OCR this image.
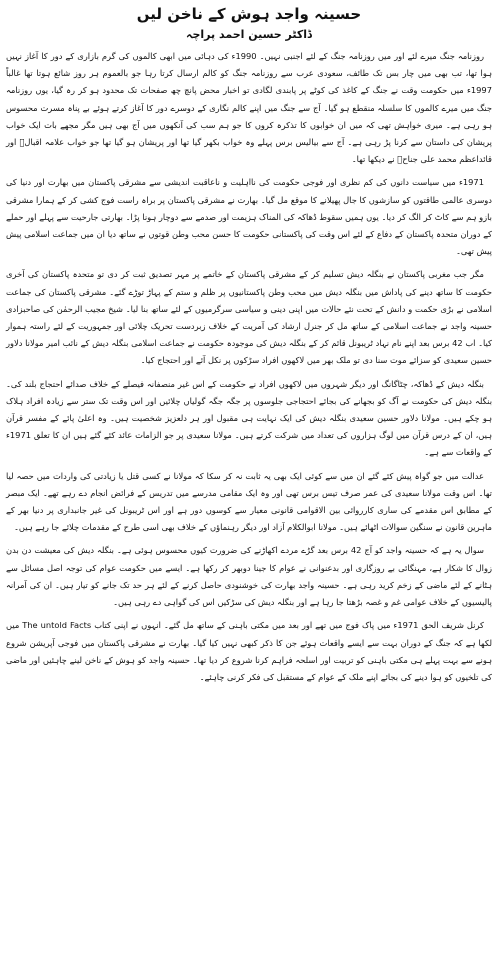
حسینہ واجد ہوش کے ناخن لیں
ڈاکٹر حسین احمد پراچہ

روزنامہ جنگ میرے لئے اور میں روزنامہ جنگ کے لئے اجنبی نہیں۔ 1990ء کی دہائی میں ابھی کالموں کی گرم بازاری کے دور کا آغاز نہیں ہوا تھا، تب بھی میں چار بس تک طائف، سعودی عرب سے روزنامہ جنگ کو کالم ارسال کرتا رہا جو بالعموم ہر روز شائع ہوتا تھا غالباً 1997ء میں حکومت وقت نے جنگ کے کاغذ کی کوٹے پر پابندی لگادی تو اخبار محض پانچ چھ صفحات تک محدود ہو کر رہ گیا، یوں روزنامہ جنگ میں میرے کالموں کا سلسلہ منقطع ہو گیا۔ آج سے جنگ میں اپنے کالم نگاری کے دوسرے دور کا آغاز کرتے ہوئے بے پناہ مسرت محسوس ہو رہی ہے۔ میری خواہش تھی کہ میں ان خوابوں کا تذکرہ کروں کا جو ہم سب کی آنکھوں میں آج بھی ہیں مگر مجھے بات ایک خواب پریشان کی داستان سے کرنا پڑ رہی ہے۔ آج سے بیالیس برس پہلے وہ خواب بکھر گیا تھا اور پریشان ہو گیا تھا جو خواب علامہ اقبالؒ اور قائداعظم محمد علی جناحؒ نے دیکھا تھا۔

1971ء میں سیاست دانوں کی کم نظری اور فوجی حکومت کی نااہلیت و ناعاقبت اندیشی سے مشرقی پاکستان میں بھارت اور دنیا کی دوسری عالمی طاقتوں کو سازشوں کا جال پھیلانے کا موقع مل گیا۔ بھارت نے مشرقی پاکستان پر براہ راست فوج کشی کر کے ہمارا مشرقی بازو ہم سے کاٹ کر الگ کر دیا۔ یوں ہمیں سقوط ڈھاکہ کی المناک ہزیمت اور صدمے سے دوچار ہونا پڑا۔ بھارتی جارحیت سے پہلے اور حملے کے دوران متحدہ پاکستان کے دفاع کے لئے اس وقت کی پاکستانی حکومت کا حسن محب وطن قوتوں نے ساتھ دیا ان میں جماعت اسلامی پیش پیش تھی۔

مگر جب مغربی پاکستان نے بنگلہ دیش تسلیم کر کے مشرقی پاکستان کے خاتمے پر مہر تصدیق ثبت کر دی تو متحدہ پاکستان کی آخری حکومت کا ساتھ دینے کی پاداش میں بنگلہ دیش میں محب وطن پاکستانیوں پر ظلم و ستم کے پہاڑ توڑے گئے۔ مشرقی پاکستان کی جماعت اسلامی نے بڑی حکمت و دانش کے تحت نئے حالات میں اپنی دینی و سیاسی سرگرمیوں کے لئے ساتھ بنا لیا۔ شیخ مجیب الرحمٰن کی صاحبزادی حسینہ واجد نے جماعت اسلامی کے ساتھ مل کر جنرل ارشاد کی آمریت کے خلاف زبردست تحریک چلائی اور جمہوریت کے لئے راستہ ہموار کیا۔ اب 42 برس بعد اپنے نام نہاد ٹریبونل قائم کر کے بنگلہ دیش کی موجودہ حکومت نے جماعت اسلامی بنگلہ دیش کے نائب امیر مولانا دلاور حسین سعیدی کو سزائے موت سنا دی تو ملک بھر میں لاکھوں افراد سڑکوں پر نکل آئے اور احتجاج کیا۔

بنگلہ دیش کے ڈھاکہ، چٹاگانگ اور دیگر شہروں میں لاکھوں افراد نے حکومت کے اس غیر منصفانہ فیصلے کے خلاف صدائے احتجاج بلند کی۔ بنگلہ دیش کی حکومت نے آگ کو بجھانے کی بجائے احتجاجی جلوسوں پر جگہ جگہ گولیاں چلائیں اور اس وقت تک ستر سے زیادہ افراد ہلاک ہو چکے ہیں۔ مولانا دلاور حسین سعیدی بنگلہ دیش کی ایک نہایت ہی مقبول اور ہر دلعزیز شخصیت ہیں۔ وہ اعلیٰ پائے کے مفسر قرآن ہیں، ان کے درس قرآن میں لوگ ہزاروں کی تعداد میں شرکت کرتے ہیں۔ مولانا سعیدی پر جو الزامات عائد کئے گئے ہیں ان کا تعلق 1971ء کے واقعات سے ہے۔

عدالت میں جو گواہ پیش کئے گئے ان میں سے کوئی ایک بھی یہ ثابت نہ کر سکا کہ مولانا نے کسی قتل یا زیادتی کی واردات میں حصہ لیا تھا۔ اس وقت مولانا سعیدی کی عمر صرف تیس برس تھی اور وہ ایک مقامی مدرسے میں تدریس کے فرائض انجام دے رہے تھے۔ ایک مبصر کے مطابق اس مقدمے کی ساری کارروائی بین الاقوامی قانونی معیار سے کوسوں دور ہے اور اس ٹریبونل کی غیر جانبداری پر دنیا بھر کے ماہرین قانون نے سنگین سوالات اٹھائے ہیں۔ مولانا ابوالکلام آزاد اور دیگر رہنماؤں کے خلاف بھی اسی طرح کے مقدمات چلائے جا رہے ہیں۔

سوال یہ ہے کہ حسینہ واجد کو آج 42 برس بعد گڑے مردے اکھاڑنے کی ضرورت کیوں محسوس ہوئی ہے۔ بنگلہ دیش کی معیشت دن بدن زوال کا شکار ہے، مہنگائی بے روزگاری اور بدعنوانی نے عوام کا جینا دوبھر کر رکھا ہے۔ ایسے میں حکومت عوام کی توجہ اصل مسائل سے ہٹانے کے لئے ماضی کے زخم کرید رہی ہے۔ حسینہ واجد بھارت کی خوشنودی حاصل کرنے کے لئے ہر حد تک جانے کو تیار ہیں۔ ان کی آمرانہ پالیسیوں کے خلاف عوامی غم و غصہ بڑھتا جا رہا ہے اور بنگلہ دیش کی سڑکیں اس کی گواہی دے رہی ہیں۔

کرنل شریف الحق 1971ء میں پاک فوج میں تھے اور بعد میں مکتی باہنی کے ساتھ مل گئے۔ انہوں نے اپنی کتاب The untold Facts میں لکھا ہے کہ جنگ کے دوران بہت سے ایسے واقعات ہوئے جن کا ذکر کبھی نہیں کیا گیا۔ بھارت نے مشرقی پاکستان میں فوجی آپریشن شروع ہونے سے بہت پہلے ہی مکتی باہنی کو تربیت اور اسلحہ فراہم کرنا شروع کر دیا تھا۔ حسینہ واجد کو ہوش کے ناخن لینے چاہئیں اور ماضی کی تلخیوں کو ہوا دینے کی بجائے اپنے ملک کے عوام کے مستقبل کی فکر کرنی چاہئے۔
